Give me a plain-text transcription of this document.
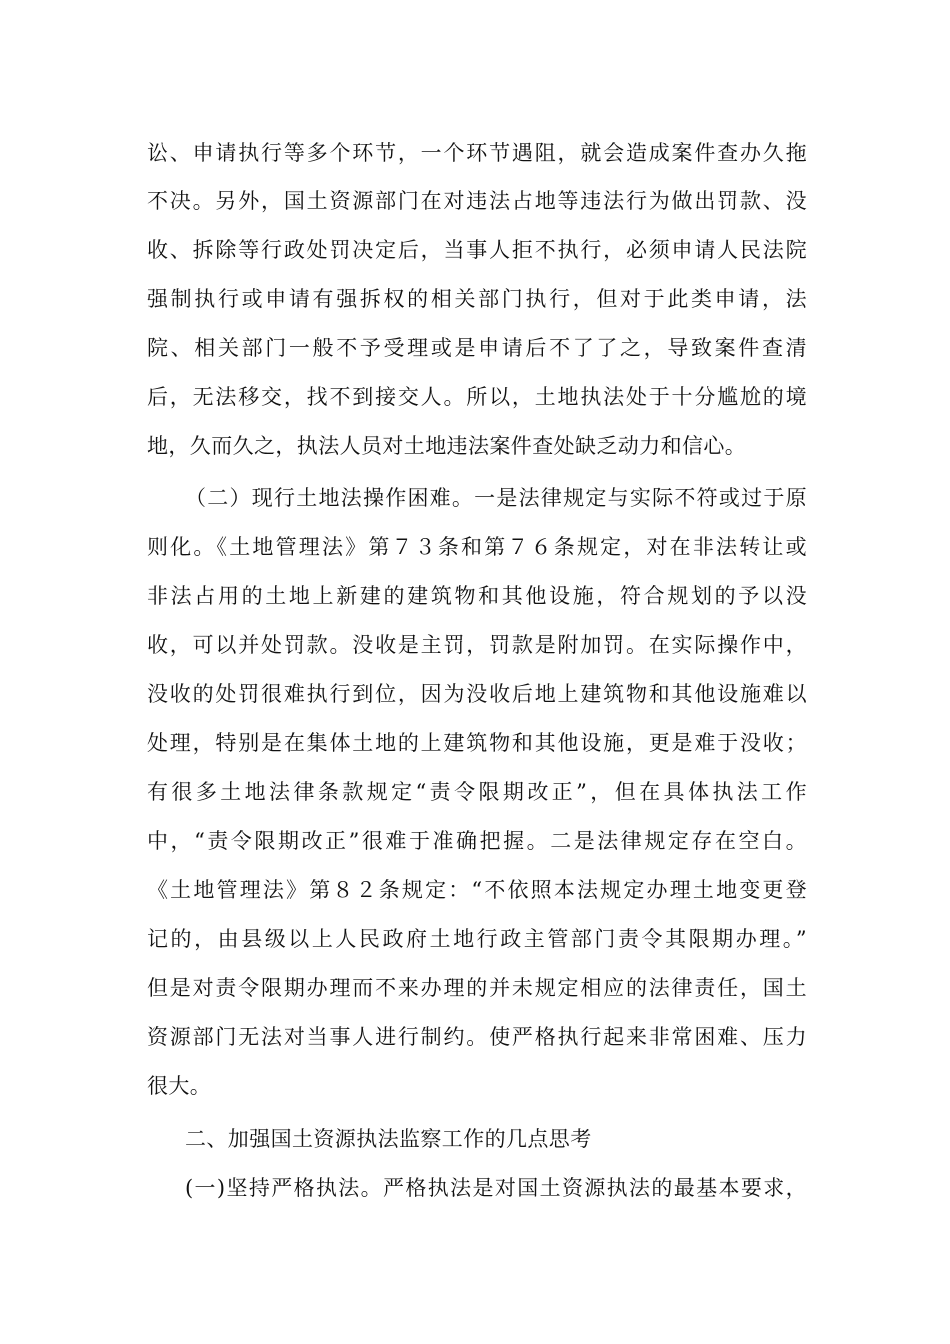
讼、申请执行等多个环节，一个环节遇阻，就会造成案件查办久拖
不决。另外，国土资源部门在对违法占地等违法行为做出罚款、没
收、拆除等行政处罚决定后，当事人拒不执行，必须申请人民法院
强制执行或申请有强拆权的相关部门执行，但对于此类申请，法
院、相关部门一般不予受理或是申请后不了了之，导致案件查清
后，无法移交，找不到接交人。所以，土地执法处于十分尴尬的境
地，久而久之，执法人员对土地违法案件查处缺乏动力和信心。
（二）现行土地法操作困难。一是法律规定与实际不符或过于原
则化。《土地管理法》第７３条和第７６条规定，对在非法转让或
非法占用的土地上新建的建筑物和其他设施，符合规划的予以没
收，可以并处罚款。没收是主罚，罚款是附加罚。在实际操作中，
没收的处罚很难执行到位，因为没收后地上建筑物和其他设施难以
处理，特别是在集体土地的上建筑物和其他设施，更是难于没收；
有很多土地法律条款规定“责令限期改正”，但在具体执法工作
中，“责令限期改正”很难于准确把握。二是法律规定存在空白。
《土地管理法》第８２条规定：“不依照本法规定办理土地变更登
记的，由县级以上人民政府土地行政主管部门责令其限期办理。”
但是对责令限期办理而不来办理的并未规定相应的法律责任，国土
资源部门无法对当事人进行制约。使严格执行起来非常困难、压力
很大。
二、加强国土资源执法监察工作的几点思考
(一)坚持严格执法。严格执法是对国土资源执法的最基本要求，
